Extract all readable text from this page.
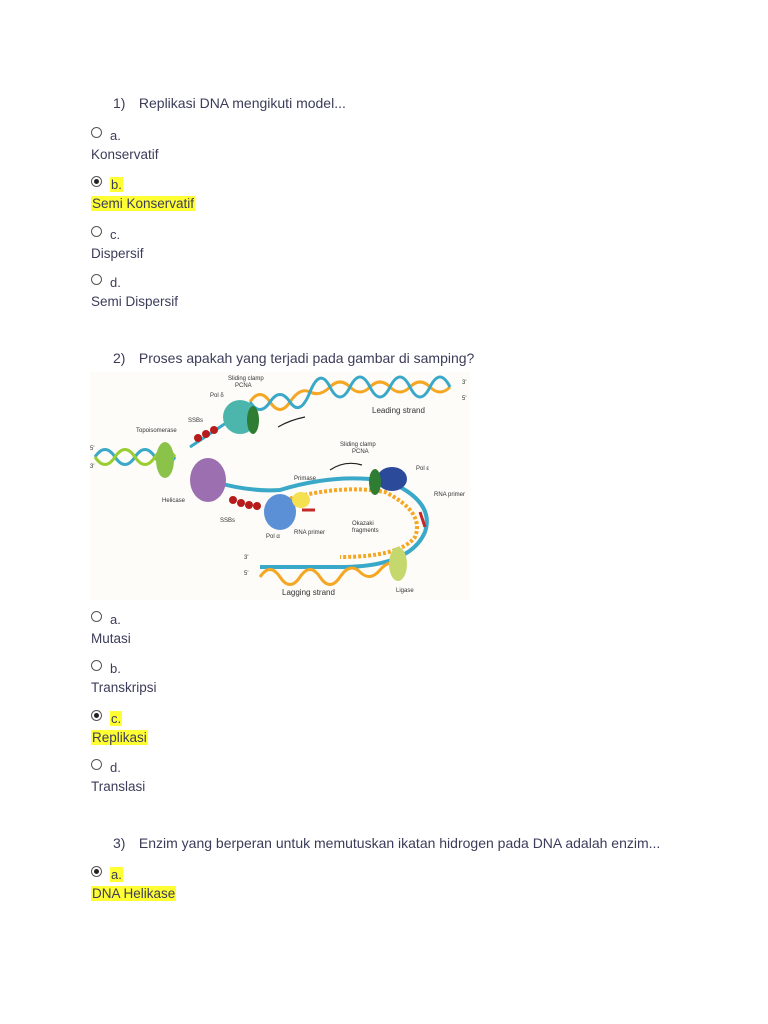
1) Replikasi DNA mengikuti model...
a.
Konservatif
b.
Semi Konservatif
c.
Dispersif
d.
Semi Dispersif
2) Proses apakah yang terjadi pada gambar di samping?
Sliding clamp
PCNA
Pol δ
Leading strand
SSBs
Topoisomerase
5'
3'
3'
5'
Helicase
SSBs
Primase
Sliding clamp
PCNA
Pol ε
RNA primer
Okazaki
fragments
Pol α
RNA primer
3'
5'
Ligase
Lagging strand
a.
Mutasi
b.
Transkripsi
c.
Replikasi
d.
Translasi
3) Enzim yang berperan untuk memutuskan ikatan hidrogen pada DNA adalah enzim...
a.
DNA Helikase
